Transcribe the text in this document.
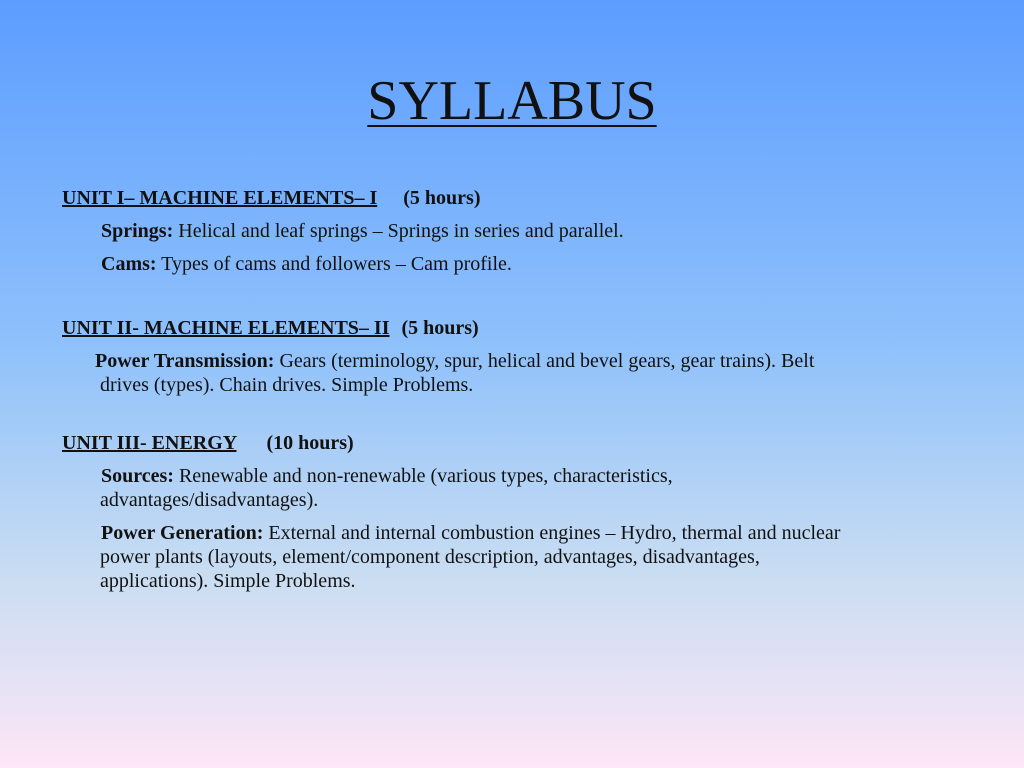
SYLLABUS
UNIT I– MACHINE ELEMENTS– I (5 hours)
Springs: Helical and leaf springs – Springs in series and parallel.
Cams: Types of cams and followers – Cam profile.
UNIT II- MACHINE ELEMENTS– II (5 hours)
Power Transmission: Gears (terminology, spur, helical and bevel gears, gear trains). Belt
drives (types). Chain drives. Simple Problems.
UNIT III- ENERGY (10 hours)
Sources: Renewable and non-renewable (various types, characteristics,
advantages/disadvantages).
Power Generation: External and internal combustion engines – Hydro, thermal and nuclear
power plants (layouts, element/component description, advantages, disadvantages,
applications). Simple Problems.
